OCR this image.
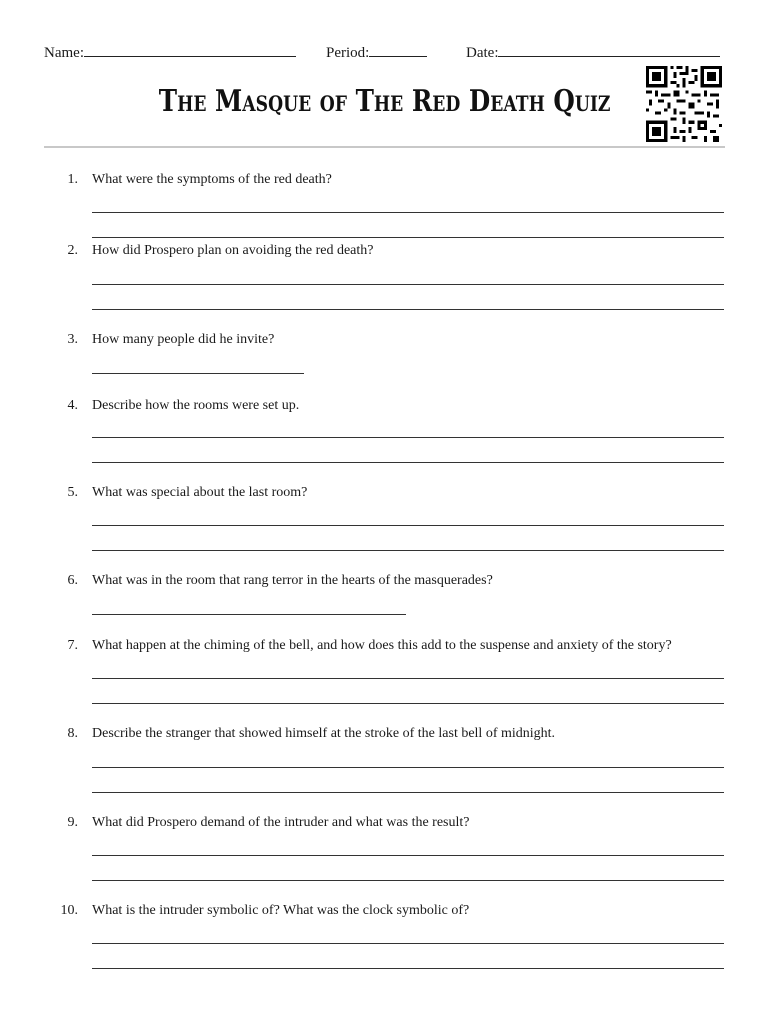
Name:	Period:	Date:
The Masque of The Red Death Quiz
1. What were the symptoms of the red death?
2. How did Prospero plan on avoiding the red death?
3. How many people did he invite?
4. Describe how the rooms were set up.
5. What was special about the last room?
6. What was in the room that rang terror in the hearts of the masquerades?
7. What happen at the chiming of the bell, and how does this add to the suspense and anxiety of the story?
8. Describe the stranger that showed himself at the stroke of the last bell of midnight.
9. What did Prospero demand of the intruder and what was the result?
10. What is the intruder symbolic of? What was the clock symbolic of?
